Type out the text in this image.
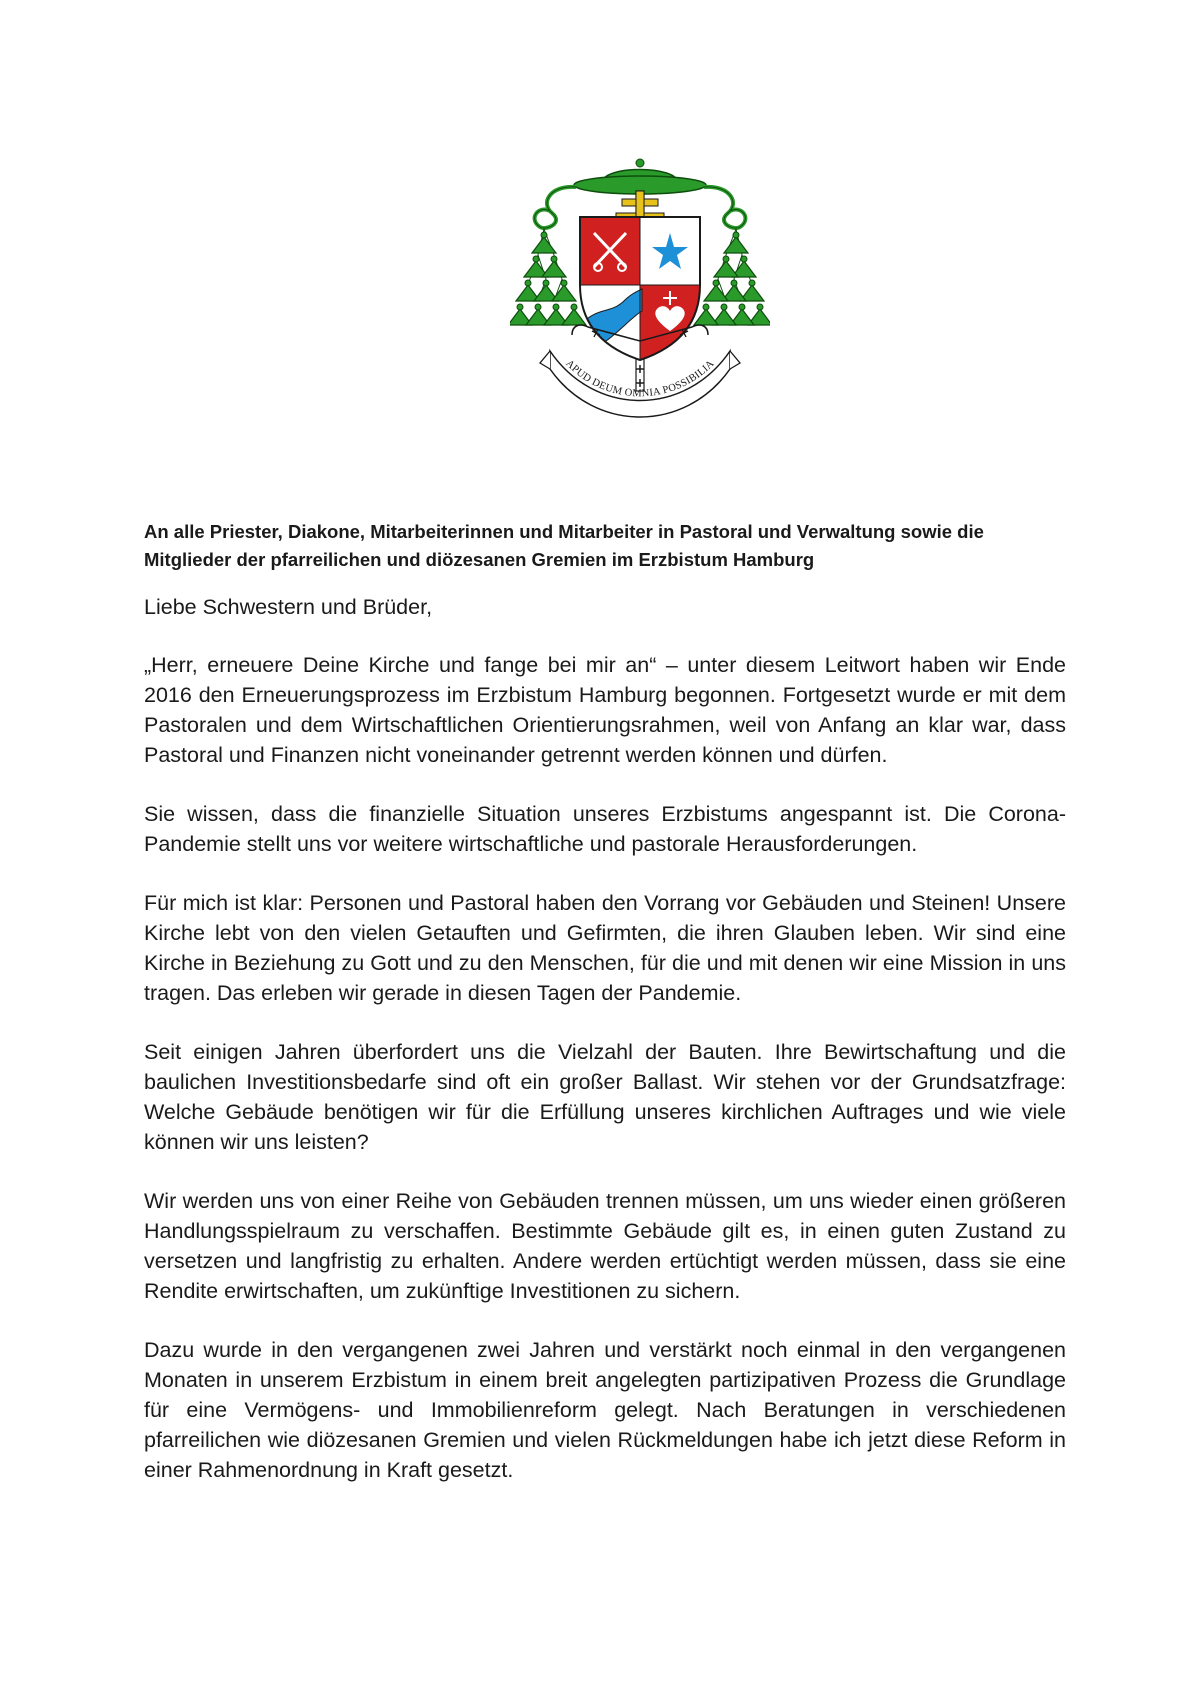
APUD DEUM OMNIA POSSIBILIA

An alle Priester, Diakone, Mitarbeiterinnen und Mitarbeiter in Pastoral und Verwaltung sowie die Mitglieder der pfarreilichen und diözesanen Gremien im Erzbistum Hamburg

Liebe Schwestern und Brüder,

„Herr, erneuere Deine Kirche und fange bei mir an“ – unter diesem Leitwort haben wir Ende 2016 den Erneuerungsprozess im Erzbistum Hamburg begonnen. Fortgesetzt wurde er mit dem Pastoralen und dem Wirtschaftlichen Orientierungsrahmen, weil von Anfang an klar war, dass Pastoral und Finanzen nicht voneinander getrennt werden können und dürfen.

Sie wissen, dass die finanzielle Situation unseres Erzbistums angespannt ist. Die Corona-Pandemie stellt uns vor weitere wirtschaftliche und pastorale Herausforderungen.

Für mich ist klar: Personen und Pastoral haben den Vorrang vor Gebäuden und Steinen! Unsere Kirche lebt von den vielen Getauften und Gefirmten, die ihren Glauben leben. Wir sind eine Kirche in Beziehung zu Gott und zu den Menschen, für die und mit denen wir eine Mission in uns tragen. Das erleben wir gerade in diesen Tagen der Pandemie.

Seit einigen Jahren überfordert uns die Vielzahl der Bauten. Ihre Bewirtschaftung und die baulichen Investitionsbedarfe sind oft ein großer Ballast. Wir stehen vor der Grundsatzfrage: Welche Gebäude benötigen wir für die Erfüllung unseres kirchlichen Auftrages und wie viele können wir uns leisten?

Wir werden uns von einer Reihe von Gebäuden trennen müssen, um uns wieder einen größeren Handlungsspielraum zu verschaffen. Bestimmte Gebäude gilt es, in einen guten Zustand zu versetzen und langfristig zu erhalten. Andere werden ertüchtigt werden müssen, dass sie eine Rendite erwirtschaften, um zukünftige Investitionen zu sichern.

Dazu wurde in den vergangenen zwei Jahren und verstärkt noch einmal in den vergangenen Monaten in unserem Erzbistum in einem breit angelegten partizipativen Prozess die Grundlage für eine Vermögens- und Immobilienreform gelegt. Nach Beratungen in verschiedenen pfarreilichen wie diözesanen Gremien und vielen Rückmeldungen habe ich jetzt diese Reform in einer Rahmenordnung in Kraft gesetzt.
